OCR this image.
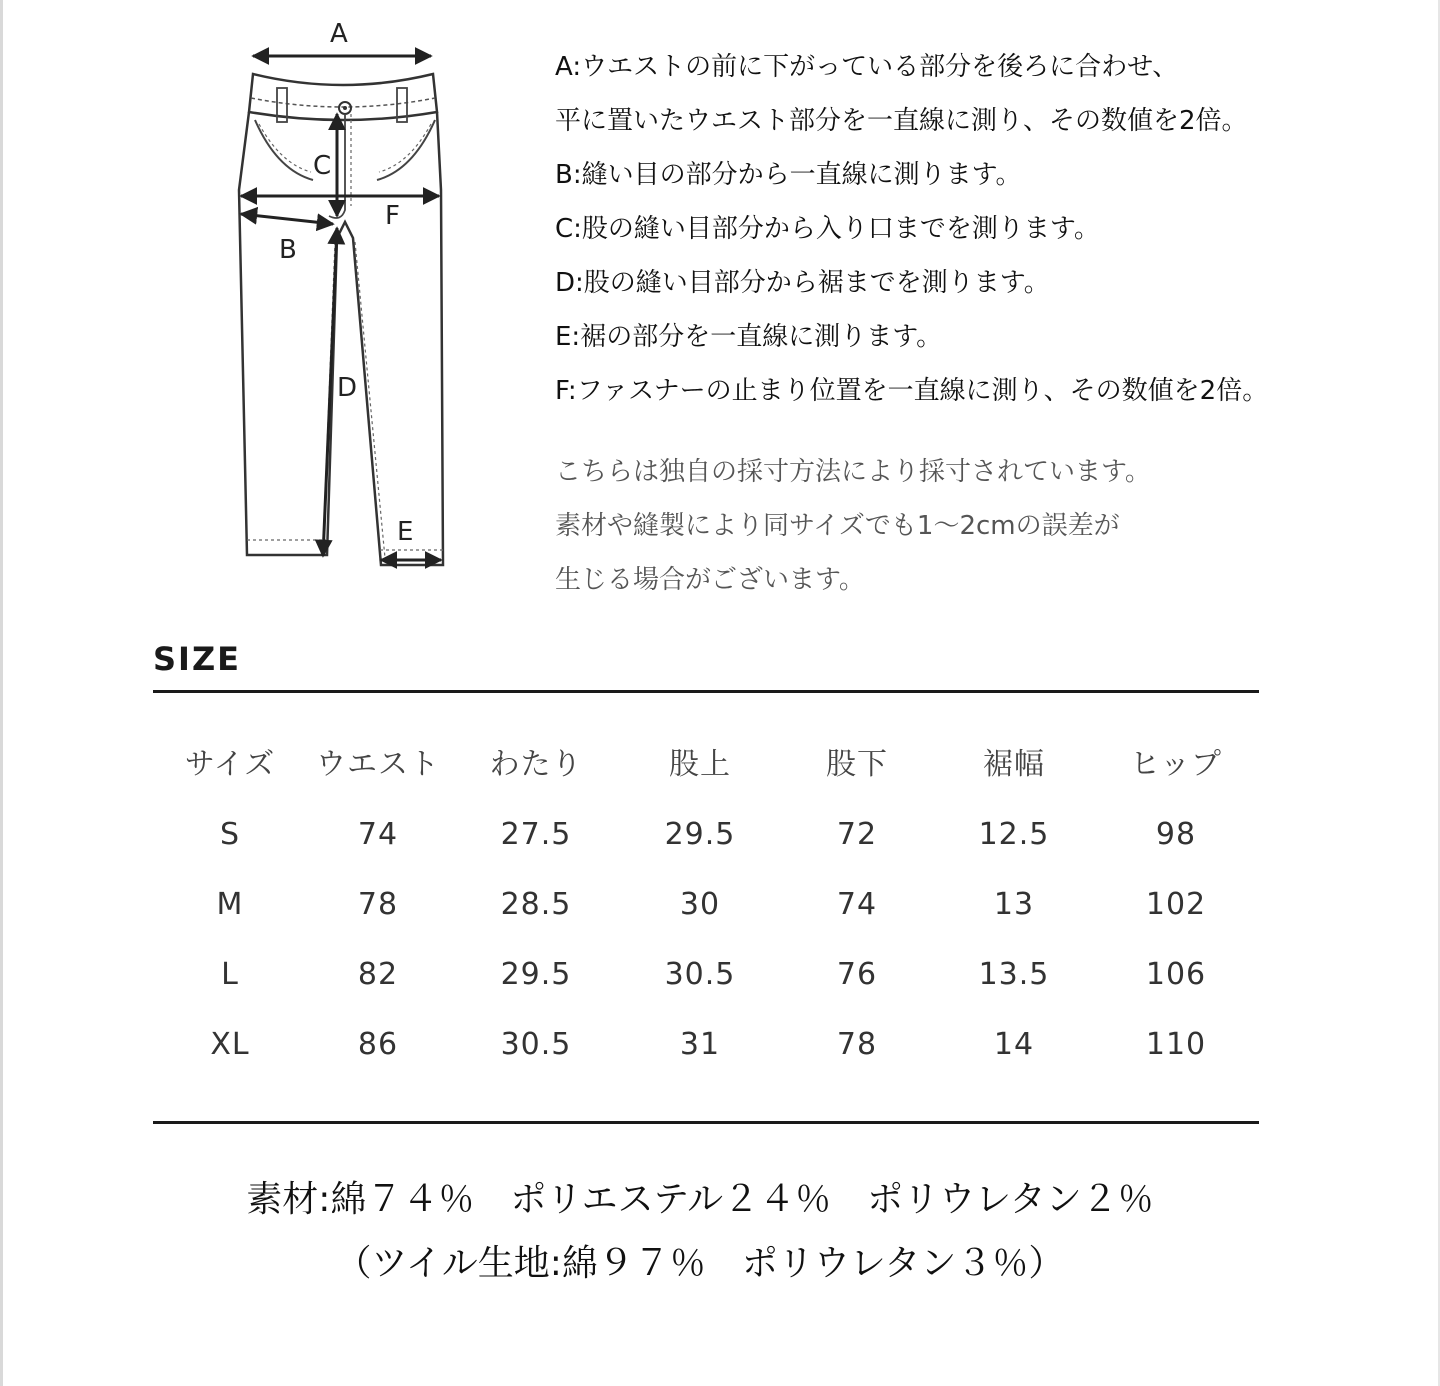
A
C
F
B
D
E
A:ウエストの前に下がっている部分を後ろに合わせ、
平に置いたウエスト部分を一直線に測り、その数値を2倍。
B:縫い目の部分から一直線に測ります。
C:股の縫い目部分から入り口までを測ります。
D:股の縫い目部分から裾までを測ります。
E:裾の部分を一直線に測ります。
F:ファスナーの止まり位置を一直線に測り、その数値を2倍。
こちらは独自の採寸方法により採寸されています。
素材や縫製により同サイズでも1〜2cmの誤差が
生じる場合がございます。
SIZE
サイズ	ウエスト	わたり	股上	股下	裾幅	ヒップ
S	74	27.5	29.5	72	12.5	98
M	78	28.5	30	74	13	102
L	82	29.5	30.5	76	13.5	106
XL	86	30.5	31	78	14	110
素材:綿７４％　ポリエステル２４％　ポリウレタン２％
（ツイル生地:綿９７％　ポリウレタン３％）
